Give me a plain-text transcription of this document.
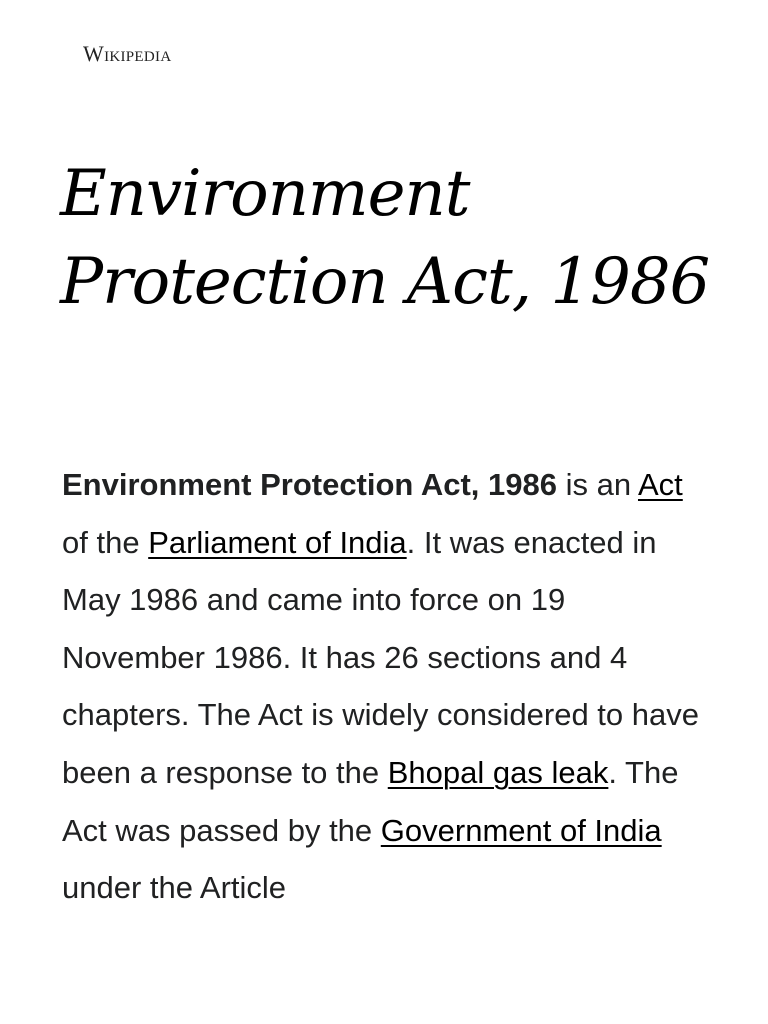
Wikipedia
Environment
Protection Act, 1986

Environment Protection Act, 1986 is an Act of the Parliament of India. It was enacted in May 1986 and came into force on 19 November 1986. It has 26 sections and 4 chapters. The Act is widely considered to have been a response to the Bhopal gas leak. The Act was passed by the Government of India under the Article
